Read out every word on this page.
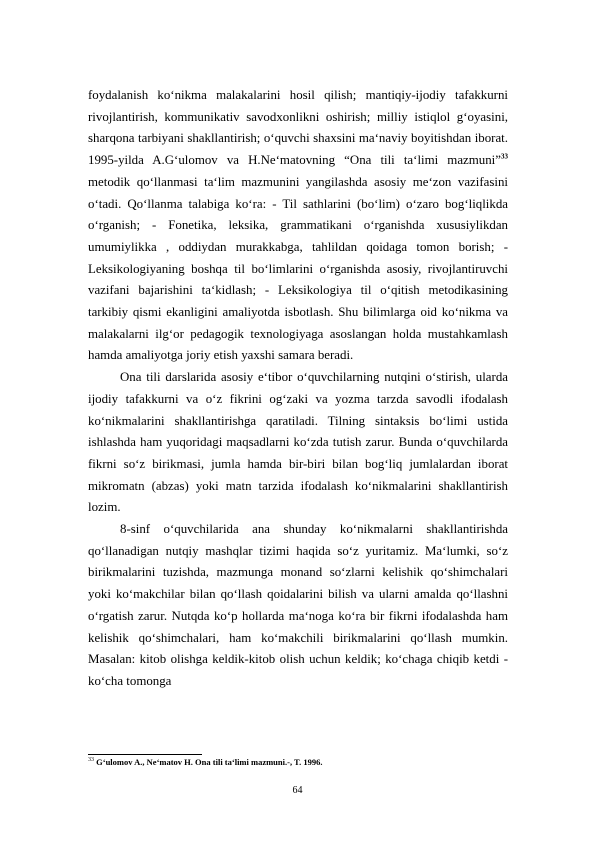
foydalanish ko‘nikma malakalarini hosil qilish; mantiqiy-ijodiy tafakkurni rivojlantirish, kommunikativ savodxonlikni oshirish; milliy istiqlol g‘oyasini, sharqona tarbiyani shakllantirish; o‘quvchi shaxsini ma‘naviy boyitishdan iborat. 1995-yilda A.G‘ulomov va H.Ne‘matovning “Ona tili ta‘limi mazmuni”$^{33}$ metodik qo‘llanmasi ta‘lim mazmunini yangilashda asosiy me‘zon vazifasini o‘tadi. Qo‘llanma talabiga ko‘ra: - Til sathlarini (bo‘lim) o‘zaro bog‘liqlikda o‘rganish; - Fonetika, leksika, grammatikani o‘rganishda xususiylikdan umumiylikka , oddiydan murakkabga, tahlildan qoidaga tomon borish; -Leksikologiyaning boshqa til bo‘limlarini o‘rganishda asosiy, rivojlantiruvchi vazifani bajarishini ta‘kidlash; - Leksikologiya til o‘qitish metodikasining tarkibiy qismi ekanligini amaliyotda isbotlash. Shu bilimlarga oid ko‘nikma va malakalarni ilg‘or pedagogik texnologiyaga asoslangan holda mustahkamlash hamda amaliyotga joriy etish yaxshi samara beradi.

Ona tili darslarida asosiy e‘tibor o‘quvchilarning nutqini o‘stirish, ularda ijodiy tafakkurni va o‘z fikrini og‘zaki va yozma tarzda savodli ifodalash ko‘nikmalarini shakllantirishga qaratiladi. Tilning sintaksis bo‘limi ustida ishlashda ham yuqoridagi maqsadlarni ko‘zda tutish zarur. Bunda o‘quvchilarda fikrni so‘z birikmasi, jumla hamda bir-biri bilan bog‘liq jumlalardan iborat mikromatn (abzas) yoki matn tarzida ifodalash ko‘nikmalarini shakllantirish lozim.

8-sinf o‘quvchilarida ana shunday ko‘nikmalarni shakllantirishda qo‘llanadigan nutqiy mashqlar tizimi haqida so‘z yuritamiz. Ma‘lumki, so‘z birikmalarini tuzishda, mazmunga monand so‘zlarni kelishik qo‘shimchalari yoki ko‘makchilar bilan qo‘llash qoidalarini bilish va ularni amalda qo‘llashni o‘rgatish zarur. Nutqda ko‘p hollarda ma‘noga ko‘ra bir fikrni ifodalashda ham kelishik qo‘shimchalari, ham ko‘makchili birikmalarini qo‘llash mumkin. Masalan: kitob olishga keldik-kitob olish uchun keldik; ko‘chaga chiqib ketdi - ko‘cha tomonga

$^{33}$ G‘ulomov A., Ne‘matov H. Ona tili ta‘limi mazmuni.-, T. 1996.
64
